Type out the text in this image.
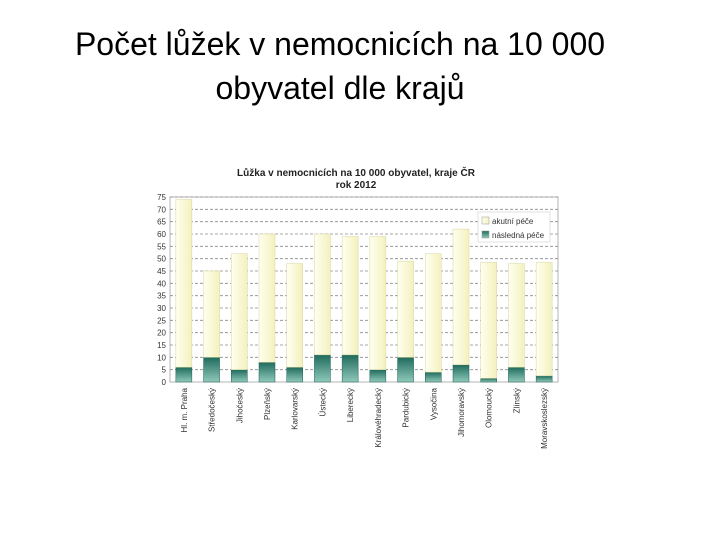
Počet lůžek v nemocnicích na 10 000 obyvatel dle krajů
Lůžka v nemocnicích na 10 000 obyvatel, kraje ČR
rok 2012
0
5
10
15
20
25
30
35
40
45
50
55
60
65
70
75
Hl. m. Praha Středočeský Jihočeský Plzeňský Karlovarský Ústecký Liberecký Královéhradecký Pardubický Vysočina Jihomoravský Olomoucký Zlínský Moravskoslezský
akutní péče
následná péče
